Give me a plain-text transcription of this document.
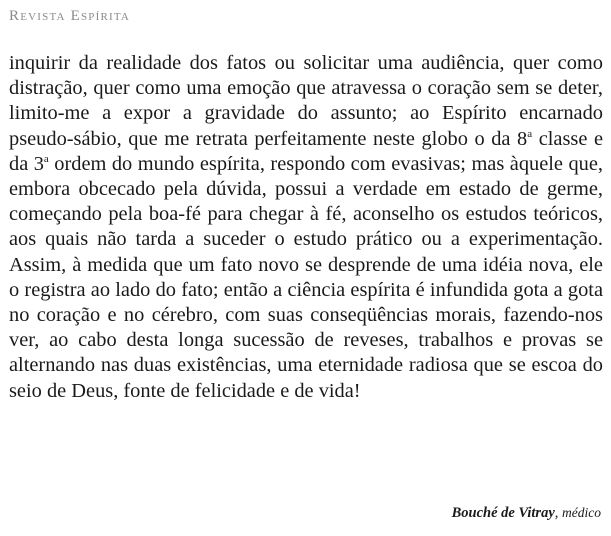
Revista Espírita

inquirir da realidade dos fatos ou solicitar uma audiência, quer como distração, quer como uma emoção que atravessa o coração sem se deter, limito-me a expor a gravidade do assunto; ao Espírito encarnado pseudo-sábio, que me retrata perfeitamente neste globo o da 8$^a$ classe e da 3$^a$ ordem do mundo espírita, respondo com evasivas; mas àquele que, embora obcecado pela dúvida, possui a verdade em estado de germe, começando pela boa-fé para chegar à fé, aconselho os estudos teóricos, aos quais não tarda a suceder o estudo prático ou a experimentação. Assim, à medida que um fato novo se desprende de uma idéia nova, ele o registra ao lado do fato; então a ciência espírita é infundida gota a gota no coração e no cérebro, com suas conseqüências morais, fazendo-nos ver, ao cabo desta longa sucessão de reveses, trabalhos e provas se alternando nas duas existências, uma eternidade radiosa que se escoa do seio de Deus, fonte de felicidade e de vida!

Bouché de Vitray, médico
